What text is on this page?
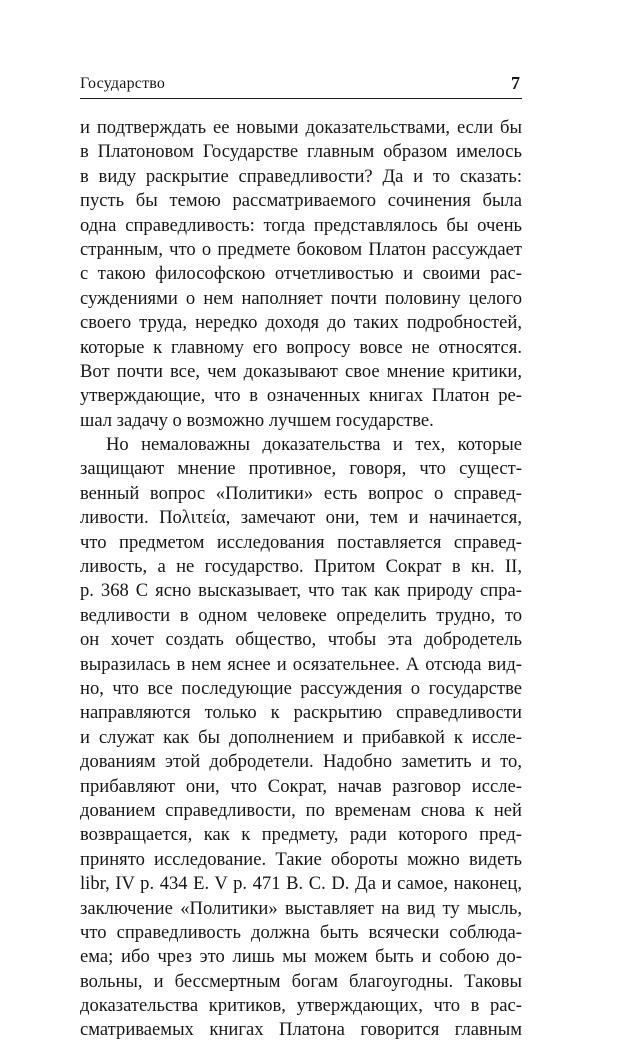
Государство	7
и подтверждать ее новыми доказательствами, если бы
в Платоновом Государстве главным образом имелось
в виду раскрытие справедливости? Да и то сказать:
пусть бы темою рассматриваемого сочинения была
одна справедливость: тогда представлялось бы очень
странным, что о предмете боковом Платон рассуждает
с такою философскою отчетливостью и своими рас-
суждениями о нем наполняет почти половину целого
своего труда, нередко доходя до таких подробностей,
которые к главному его вопросу вовсе не относятся.
Вот почти все, чем доказывают свое мнение критики,
утверждающие, что в означенных книгах Платон ре-
шал задачу о возможно лучшем государстве.
Но немаловажны доказательства и тех, которые
защищают мнение противное, говоря, что сущест-
венный вопрос «Политики» есть вопрос о справед-
ливости. Πoλιτεία, замечают они, тем и начинается,
что предметом исследования поставляется справед-
ливость, а не государство. Притом Сократ в кн. II,
p. 368 C ясно высказывает, что так как природу спра-
ведливости в одном человеке определить трудно, то
он хочет создать общество, чтобы эта добродетель
выразилась в нем яснее и осязательнее. А отсюда вид-
но, что все последующие рассуждения о государстве
направляются только к раскрытию справедливости
и служат как бы дополнением и прибавкой к иссле-
дованиям этой добродетели. Надобно заметить и то,
прибавляют они, что Сократ, начав разговор иссле-
дованием справедливости, по временам снова к ней
возвращается, как к предмету, ради которого пред-
принято исследование. Такие обороты можно видеть
libr, IV p. 434 E. V p. 471 B. C. D. Да и самое, наконец,
заключение «Политики» выставляет на вид ту мысль,
что справедливость должна быть всячески соблюда-
ема; ибо чрез это лишь мы можем быть и собою до-
вольны, и бессмертным богам благоугодны. Таковы
доказательства критиков, утверждающих, что в рас-
сматриваемых книгах Платона говорится главным
